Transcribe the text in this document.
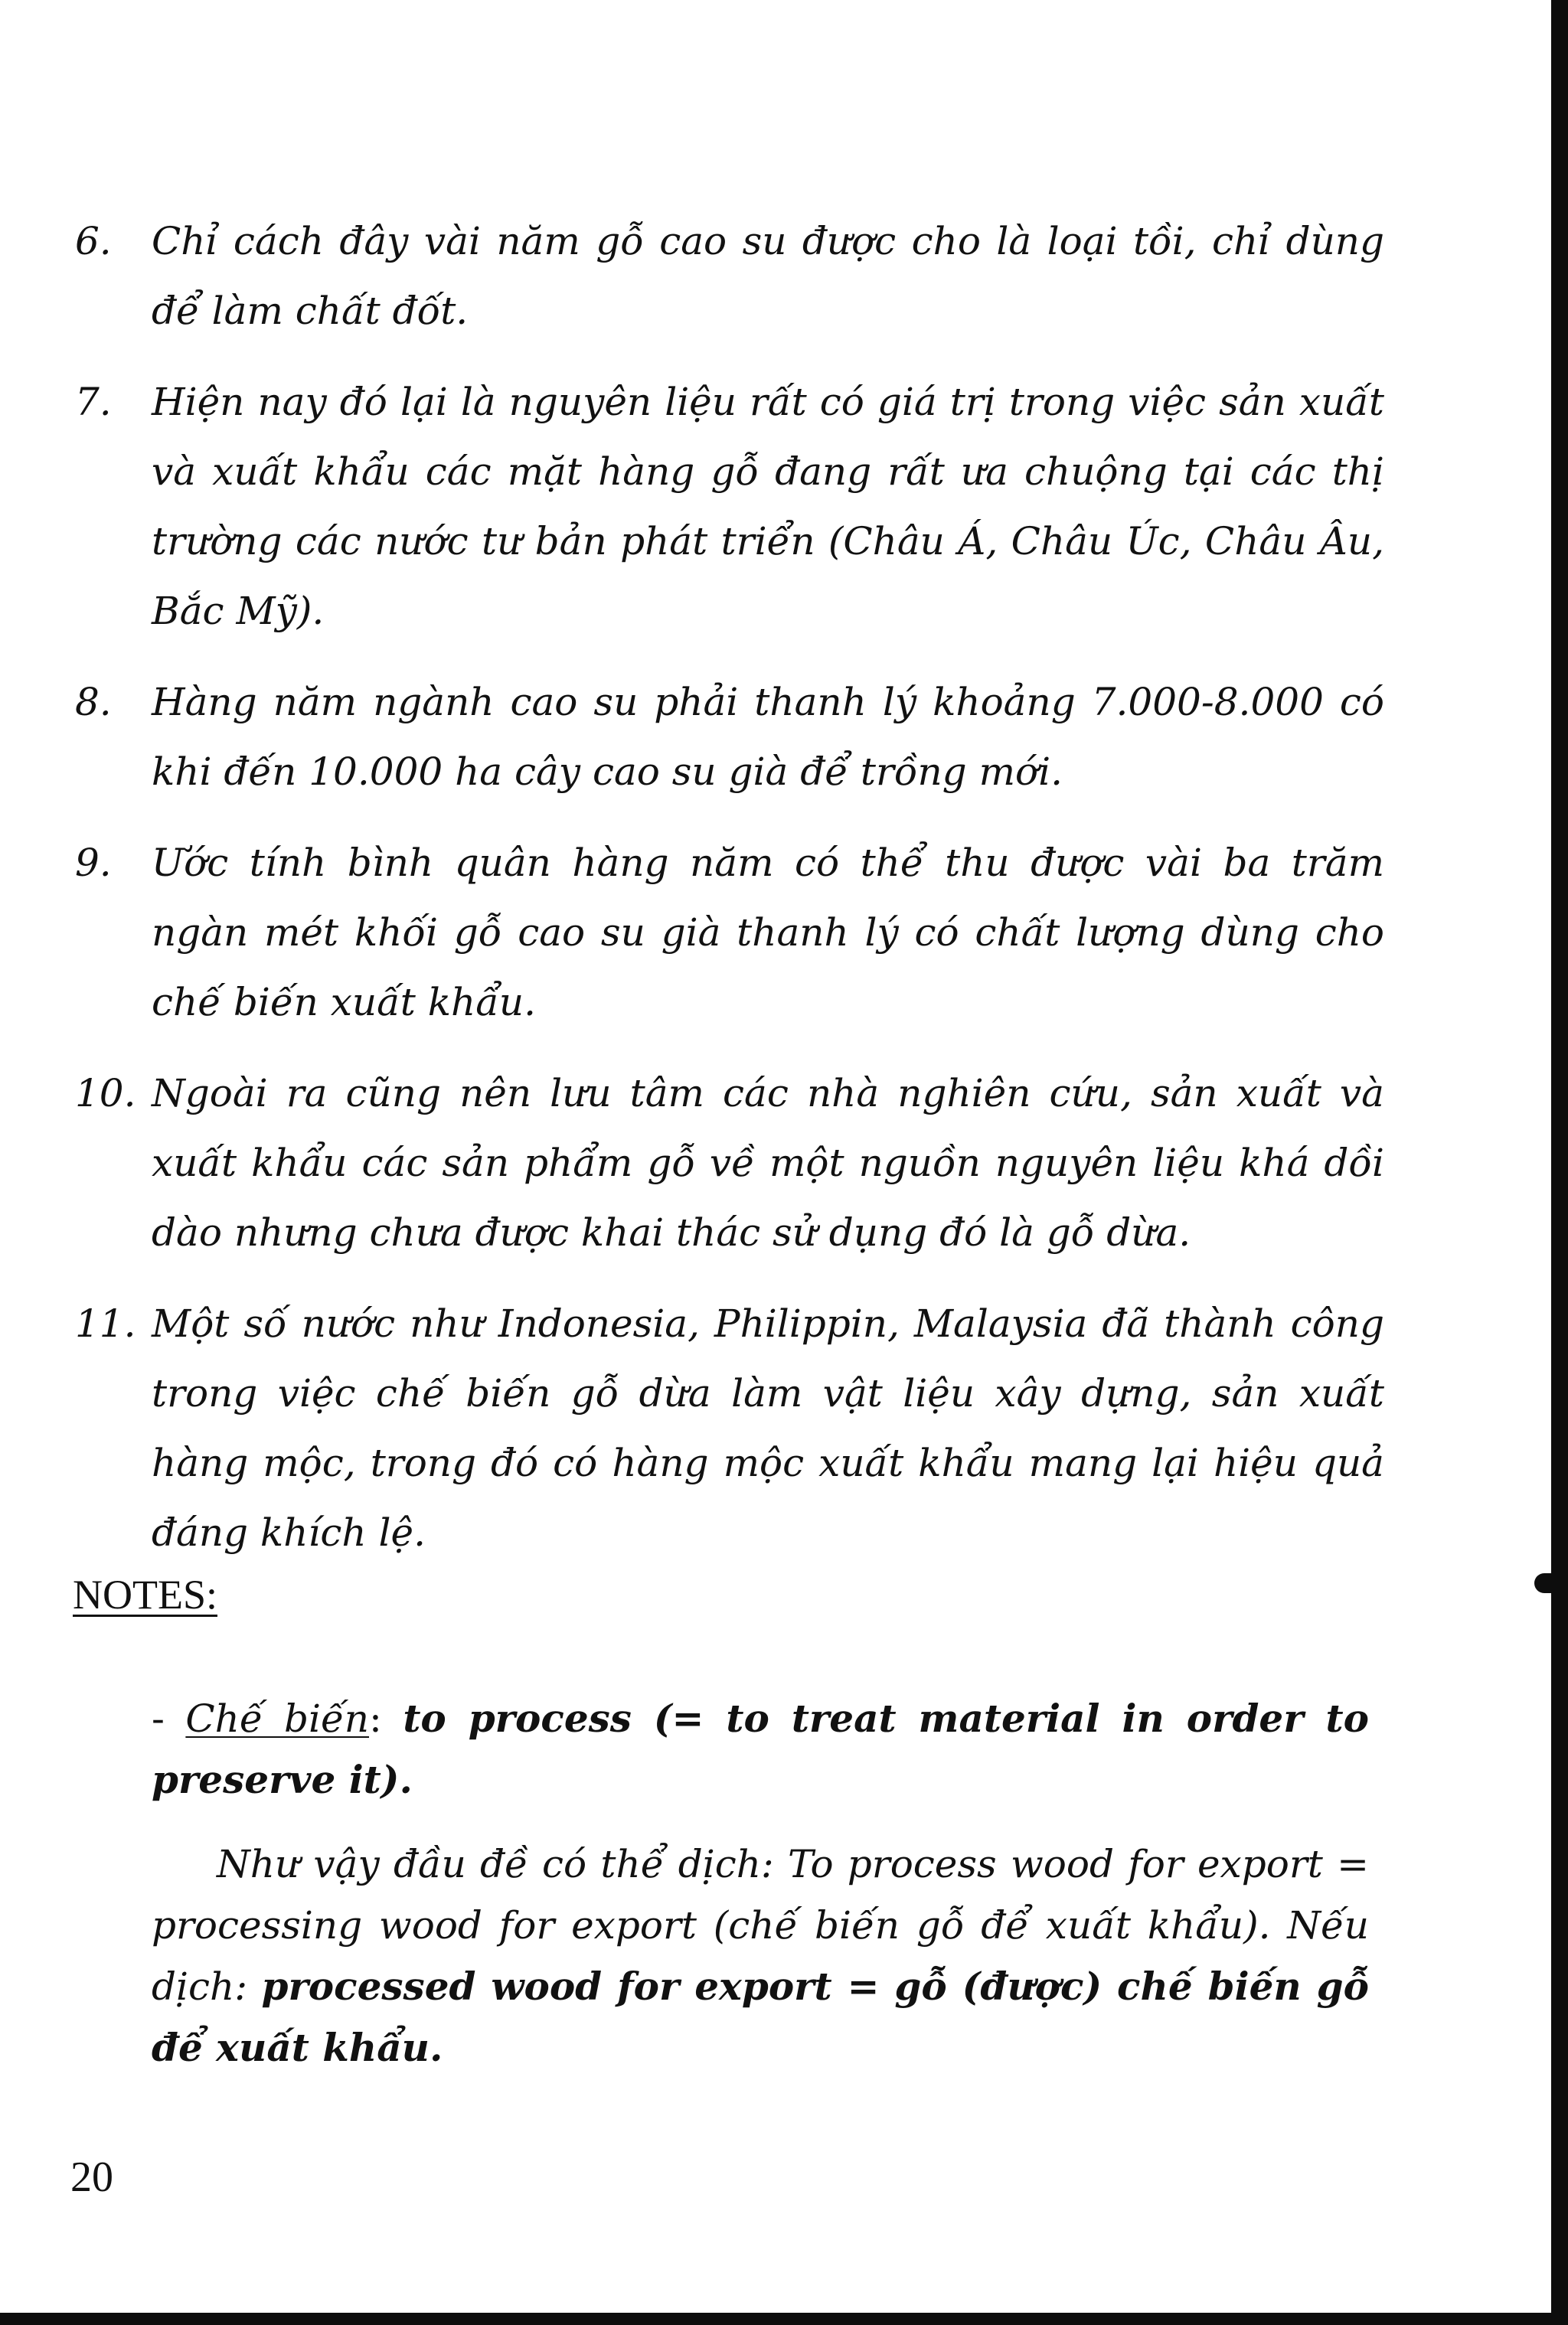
6. Chỉ cách đây vài năm gỗ cao su được cho là loại tồi, chỉ dùng để làm chất đốt.
7. Hiện nay đó lại là nguyên liệu rất có giá trị trong việc sản xuất và xuất khẩu các mặt hàng gỗ đang rất ưa chuộng tại các thị trường các nước tư bản phát triển (Châu Á, Châu Úc, Châu Âu, Bắc Mỹ).
8. Hàng năm ngành cao su phải thanh lý khoảng 7.000-8.000 có khi đến 10.000 ha cây cao su già để trồng mới.
9. Ước tính bình quân hàng năm có thể thu được vài ba trăm ngàn mét khối gỗ cao su già thanh lý có chất lượng dùng cho chế biến xuất khẩu.
10. Ngoài ra cũng nên lưu tâm các nhà nghiên cứu, sản xuất và xuất khẩu các sản phẩm gỗ về một nguồn nguyên liệu khá dồi dào nhưng chưa được khai thác sử dụng đó là gỗ dừa.
11. Một số nước như Indonesia, Philippin, Malaysia đã thành công trong việc chế biến gỗ dừa làm vật liệu xây dựng, sản xuất hàng mộc, trong đó có hàng mộc xuất khẩu mang lại hiệu quả đáng khích lệ.
NOTES:
- Chế biến: to process (= to treat material in order to preserve it).
Như vậy đầu đề có thể dịch: To process wood for export = processing wood for export (chế biến gỗ để xuất khẩu). Nếu dịch: processed wood for export = gỗ (được) chế biến gỗ để xuất khẩu.
20
